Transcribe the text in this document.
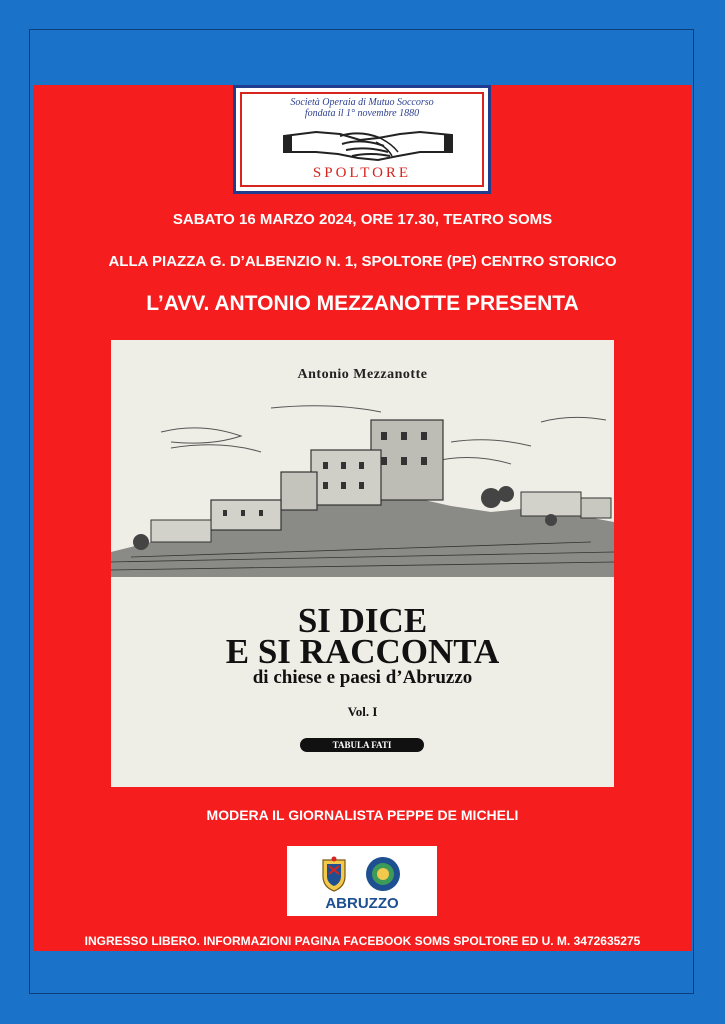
Società Operaia di Mutuo Soccorso
fondata il 1° novembre 1880
SPOLTORE
SABATO 16 MARZO 2024, ORE 17.30, TEATRO SOMS
ALLA PIAZZA G. D’ALBENZIO N. 1, SPOLTORE (PE) CENTRO STORICO
L’AVV. ANTONIO MEZZANOTTE PRESENTA
Antonio Mezzanotte
SI DICE
E SI RACCONTA
di chiese e paesi d’Abruzzo
Vol. I
TABULA FATI
MODERA IL GIORNALISTA PEPPE DE MICHELI
ABRUZZO
INGRESSO LIBERO. INFORMAZIONI PAGINA FACEBOOK SOMS SPOLTORE ED U. M. 3472635275
